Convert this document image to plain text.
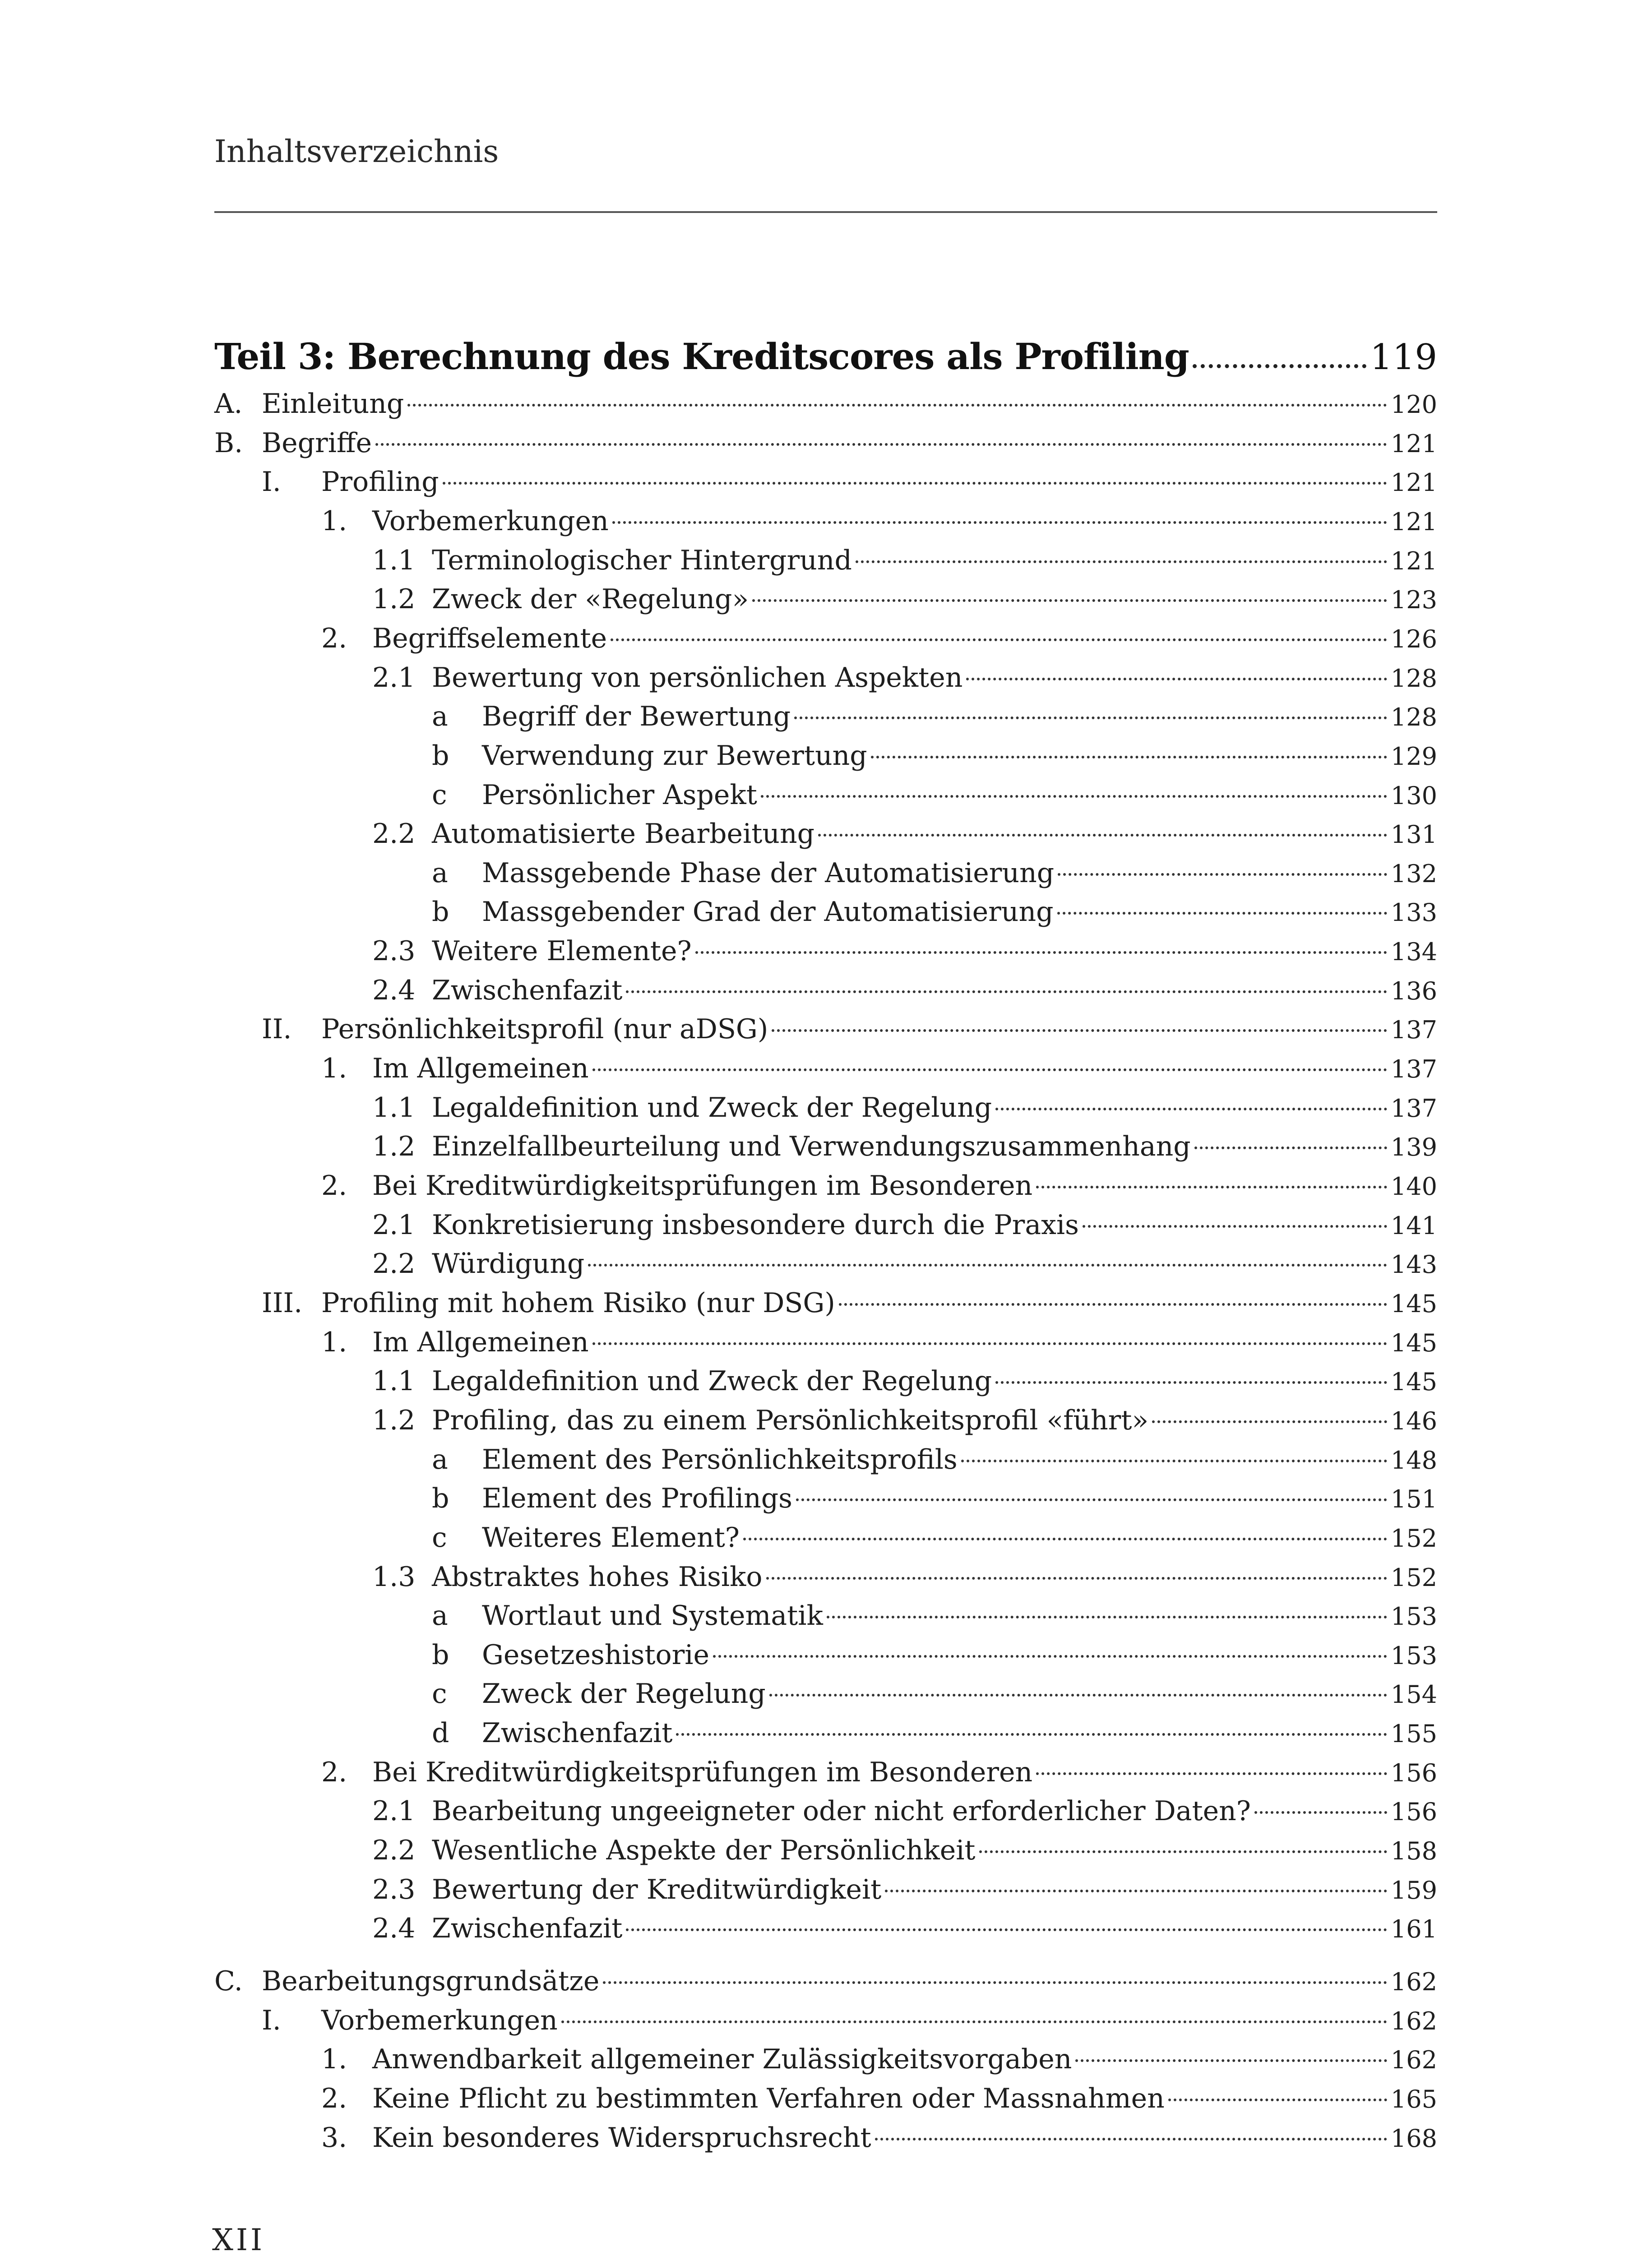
Inhaltsverzeichnis
Teil 3: Berechnung des Kreditscores als Profiling	119
A. Einleitung	120
B. Begriffe	121
I.	Profiling	121
1. Vorbemerkungen	121
1.1 Terminologischer Hintergrund	121
1.2 Zweck der «Regelung»	123
2. Begriffselemente	126
2.1 Bewertung von persönlichen Aspekten	128
a	Begriff der Bewertung	128
b	Verwendung zur Bewertung	129
c	Persönlicher Aspekt	130
2.2 Automatisierte Bearbeitung	131
a	Massgebende Phase der Automatisierung	132
b	Massgebender Grad der Automatisierung	133
2.3 Weitere Elemente?	134
2.4 Zwischenfazit	136
II.	Persönlichkeitsprofil (nur aDSG)	137
1. Im Allgemeinen	137
1.1 Legaldefinition und Zweck der Regelung	137
1.2 Einzelfallbeurteilung und Verwendungszusammenhang	139
2. Bei Kreditwürdigkeitsprüfungen im Besonderen	140
2.1 Konkretisierung insbesondere durch die Praxis	141
2.2 Würdigung	143
III. Profiling mit hohem Risiko (nur DSG)	145
1. Im Allgemeinen	145
1.1 Legaldefinition und Zweck der Regelung	145
1.2 Profiling, das zu einem Persönlichkeitsprofil «führt»	146
a	Element des Persönlichkeitsprofils	148
b	Element des Profilings	151
c	Weiteres Element?	152
1.3 Abstraktes hohes Risiko	152
a	Wortlaut und Systematik	153
b	Gesetzeshistorie	153
c	Zweck der Regelung	154
d	Zwischenfazit	155
2. Bei Kreditwürdigkeitsprüfungen im Besonderen	156
2.1 Bearbeitung ungeeigneter oder nicht erforderlicher Daten?	156
2.2 Wesentliche Aspekte der Persönlichkeit	158
2.3 Bewertung der Kreditwürdigkeit	159
2.4 Zwischenfazit	161
C. Bearbeitungsgrundsätze	162
I.	Vorbemerkungen	162
1. Anwendbarkeit allgemeiner Zulässigkeitsvorgaben	162
2. Keine Pflicht zu bestimmten Verfahren oder Massnahmen	165
3. Kein besonderes Widerspruchsrecht	168
XII
